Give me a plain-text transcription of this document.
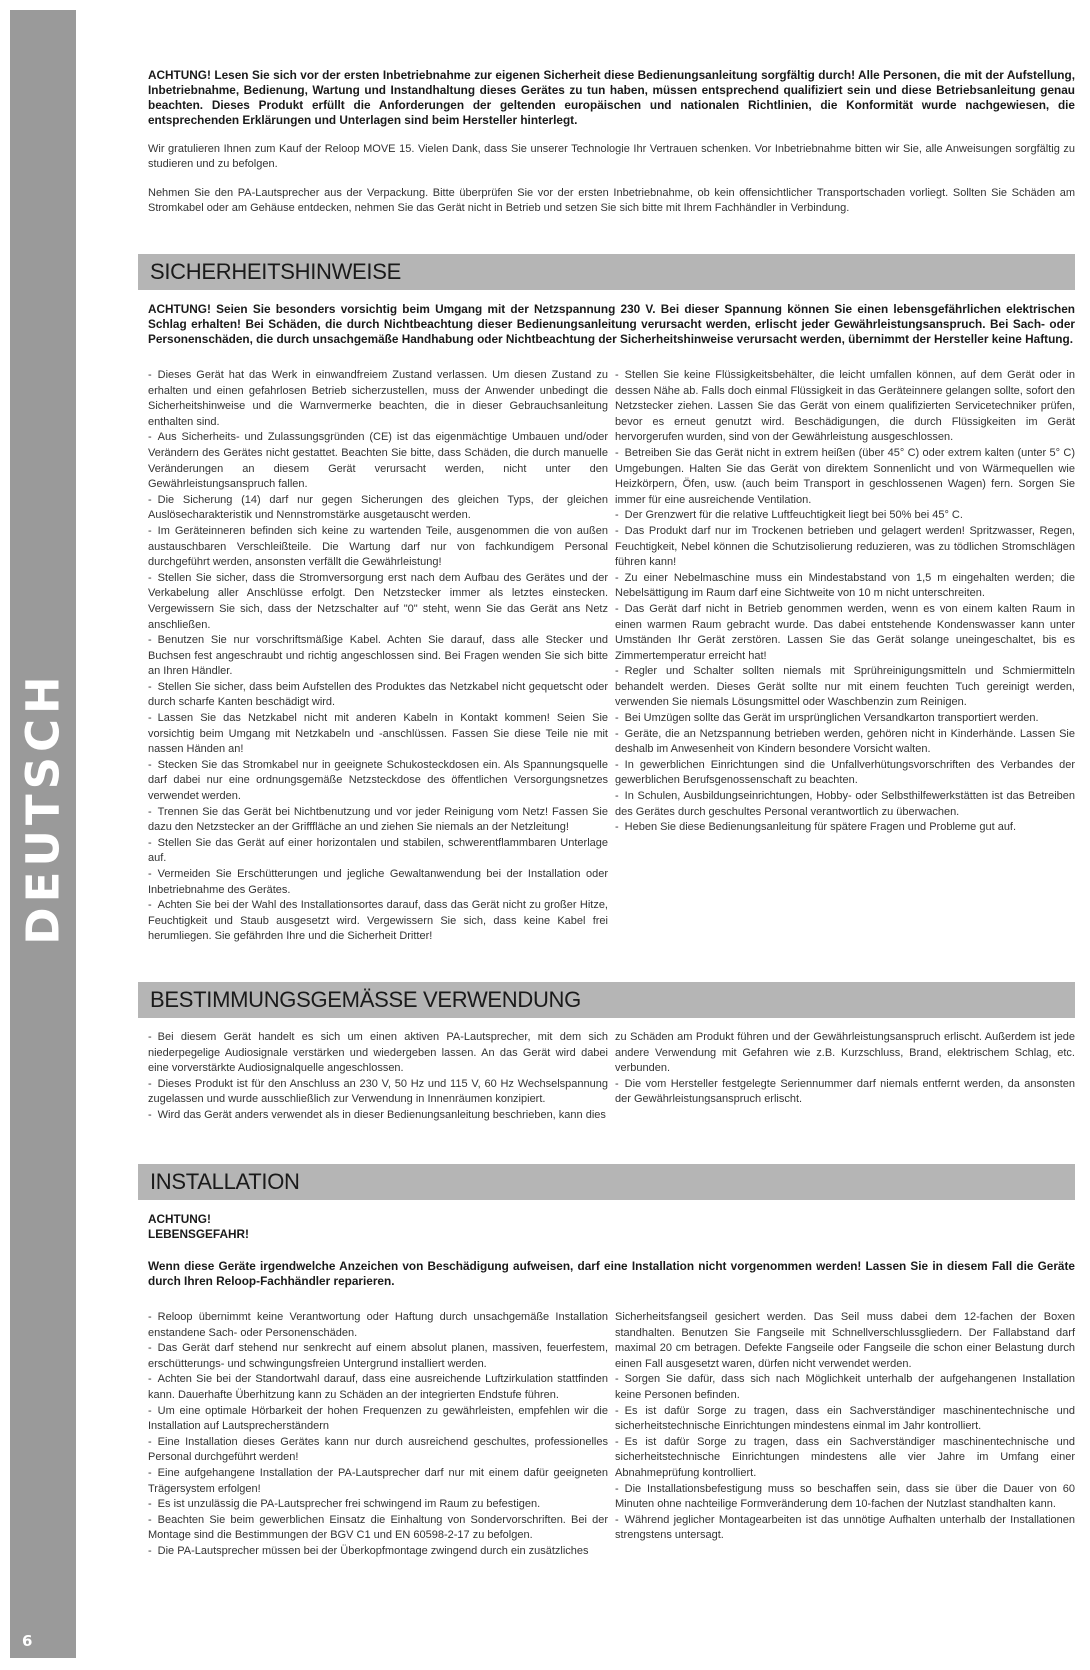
DEUTSCH
6

ACHTUNG! Lesen Sie sich vor der ersten Inbetriebnahme zur eigenen Sicherheit diese Bedienungsanleitung sorgfältig durch! Alle Personen, die mit der Aufstellung, Inbetriebnahme, Bedienung, Wartung und Instandhaltung dieses Gerätes zu tun haben, müssen entsprechend qualifiziert sein und diese Betriebsanleitung genau beachten. Dieses Produkt erfüllt die Anforderungen der geltenden europäischen und nationalen Richtlinien, die Konformität wurde nachgewiesen, die entsprechenden Erklärungen und Unterlagen sind beim Hersteller hinterlegt.

Wir gratulieren Ihnen zum Kauf der Reloop MOVE 15. Vielen Dank, dass Sie unserer Technologie Ihr Vertrauen schenken. Vor Inbetriebnahme bitten wir Sie, alle Anweisungen sorgfältig zu studieren und zu befolgen.

Nehmen Sie den PA-Lautsprecher aus der Verpackung. Bitte überprüfen Sie vor der ersten Inbetriebnahme, ob kein offensichtlicher Transportschaden vorliegt. Sollten Sie Schäden am Stromkabel oder am Gehäuse entdecken, nehmen Sie das Gerät nicht in Betrieb und setzen Sie sich bitte mit Ihrem Fachhändler in Verbindung.

SICHERHEITSHINWEISE

ACHTUNG! Seien Sie besonders vorsichtig beim Umgang mit der Netzspannung 230 V. Bei dieser Spannung können Sie einen lebensgefährlichen elektrischen Schlag erhalten! Bei Schäden, die durch Nichtbeachtung dieser Bedienungsanleitung verursacht werden, erlischt jeder Gewährleistungsanspruch. Bei Sach- oder Personenschäden, die durch unsachgemäße Handhabung oder Nichtbeachtung der Sicherheitshinweise verursacht werden, übernimmt der Hersteller keine Haftung.

- Dieses Gerät hat das Werk in einwandfreiem Zustand verlassen. Um diesen Zustand zu erhalten und einen gefahrlosen Betrieb sicherzustellen, muss der Anwender unbedingt die Sicherheitshinweise und die Warnvermerke beachten, die in dieser Gebrauchsanleitung enthalten sind.
- Aus Sicherheits- und Zulassungsgründen (CE) ist das eigenmächtige Umbauen und/oder Verändern des Gerätes nicht gestattet. Beachten Sie bitte, dass Schäden, die durch manuelle Veränderungen an diesem Gerät verursacht werden, nicht unter den Gewährleistungsanspruch fallen.
- Die Sicherung (14) darf nur gegen Sicherungen des gleichen Typs, der gleichen Auslösecharakteristik und Nennstromstärke ausgetauscht werden.
- Im Geräteinneren befinden sich keine zu wartenden Teile, ausgenommen die von außen austauschbaren Verschleißteile. Die Wartung darf nur von fachkundigem Personal durchgeführt werden, ansonsten verfällt die Gewährleistung!
- Stellen Sie sicher, dass die Stromversorgung erst nach dem Aufbau des Gerätes und der Verkabelung aller Anschlüsse erfolgt. Den Netzstecker immer als letztes einstecken. Vergewissern Sie sich, dass der Netzschalter auf "0" steht, wenn Sie das Gerät ans Netz anschließen.
- Benutzen Sie nur vorschriftsmäßige Kabel. Achten Sie darauf, dass alle Stecker und Buchsen fest angeschraubt und richtig angeschlossen sind. Bei Fragen wenden Sie sich bitte an Ihren Händler.
- Stellen Sie sicher, dass beim Aufstellen des Produktes das Netzkabel nicht gequetscht oder durch scharfe Kanten beschädigt wird.
- Lassen Sie das Netzkabel nicht mit anderen Kabeln in Kontakt kommen! Seien Sie vorsichtig beim Umgang mit Netzkabeln und -anschlüssen. Fassen Sie diese Teile nie mit nassen Händen an!
- Stecken Sie das Stromkabel nur in geeignete Schukosteckdosen ein. Als Spannungsquelle darf dabei nur eine ordnungsgemäße Netzsteckdose des öffentlichen Versorgungsnetzes verwendet werden.
- Trennen Sie das Gerät bei Nichtbenutzung und vor jeder Reinigung vom Netz! Fassen Sie dazu den Netzstecker an der Grifffläche an und ziehen Sie niemals an der Netzleitung!
- Stellen Sie das Gerät auf einer horizontalen und stabilen, schwerentflammbaren Unterlage auf.
- Vermeiden Sie Erschütterungen und jegliche Gewaltanwendung bei der Installation oder Inbetriebnahme des Gerätes.
- Achten Sie bei der Wahl des Installationsortes darauf, dass das Gerät nicht zu großer Hitze, Feuchtigkeit und Staub ausgesetzt wird. Vergewissern Sie sich, dass keine Kabel frei herumliegen. Sie gefährden Ihre und die Sicherheit Dritter!
- Stellen Sie keine Flüssigkeitsbehälter, die leicht umfallen können, auf dem Gerät oder in dessen Nähe ab. Falls doch einmal Flüssigkeit in das Geräteinnere gelangen sollte, sofort den Netzstecker ziehen. Lassen Sie das Gerät von einem qualifizierten Servicetechniker prüfen, bevor es erneut genutzt wird. Beschädigungen, die durch Flüssigkeiten im Gerät hervorgerufen wurden, sind von der Gewährleistung ausgeschlossen.
- Betreiben Sie das Gerät nicht in extrem heißen (über 45° C) oder extrem kalten (unter 5° C) Umgebungen. Halten Sie das Gerät von direktem Sonnenlicht und von Wärmequellen wie Heizkörpern, Öfen, usw. (auch beim Transport in geschlossenen Wagen) fern. Sorgen Sie immer für eine ausreichende Ventilation.
- Der Grenzwert für die relative Luftfeuchtigkeit liegt bei 50% bei 45° C.
- Das Produkt darf nur im Trockenen betrieben und gelagert werden! Spritzwasser, Regen, Feuchtigkeit, Nebel können die Schutzisolierung reduzieren, was zu tödlichen Stromschlägen führen kann!
- Zu einer Nebelmaschine muss ein Mindestabstand von 1,5 m eingehalten werden; die Nebelsättigung im Raum darf eine Sichtweite von 10 m nicht unterschreiten.
- Das Gerät darf nicht in Betrieb genommen werden, wenn es von einem kalten Raum in einen warmen Raum gebracht wurde. Das dabei entstehende Kondenswasser kann unter Umständen Ihr Gerät zerstören. Lassen Sie das Gerät solange uneingeschaltet, bis es Zimmertemperatur erreicht hat!
- Regler und Schalter sollten niemals mit Sprühreinigungsmitteln und Schmiermitteln behandelt werden. Dieses Gerät sollte nur mit einem feuchten Tuch gereinigt werden, verwenden Sie niemals Lösungsmittel oder Waschbenzin zum Reinigen.
- Bei Umzügen sollte das Gerät im ursprünglichen Versandkarton transportiert werden.
- Geräte, die an Netzspannung betrieben werden, gehören nicht in Kinderhände. Lassen Sie deshalb im Anwesenheit von Kindern besondere Vorsicht walten.
- In gewerblichen Einrichtungen sind die Unfallverhütungsvorschriften des Verbandes der gewerblichen Berufsgenossenschaft zu beachten.
- In Schulen, Ausbildungseinrichtungen, Hobby- oder Selbsthilfewerkstätten ist das Betreiben des Gerätes durch geschultes Personal verantwortlich zu überwachen.
- Heben Sie diese Bedienungsanleitung für spätere Fragen und Probleme gut auf.
BESTIMMUNGSGEMÄSSE VERWENDUNG
- Bei diesem Gerät handelt es sich um einen aktiven PA-Lautsprecher, mit dem sich niederpegelige Audiosignale verstärken und wiedergeben lassen. An das Gerät wird dabei eine vorverstärkte Audiosignalquelle angeschlossen.
- Dieses Produkt ist für den Anschluss an 230 V, 50 Hz und 115 V, 60 Hz Wechselspannung zugelassen und wurde ausschließlich zur Verwendung in Innenräumen konzipiert.
- Wird das Gerät anders verwendet als in dieser Bedienungsanleitung beschrieben, kann dies

zu Schäden am Produkt führen und der Gewährleistungsanspruch erlischt. Außerdem ist jede andere Verwendung mit Gefahren wie z.B. Kurzschluss, Brand, elektrischem Schlag, etc. verbunden.

- Die vom Hersteller festgelegte Seriennummer darf niemals entfernt werden, da ansonsten der Gewährleistungsanspruch erlischt.
INSTALLATION

ACHTUNG!

LEBENSGEFAHR!

Wenn diese Geräte irgendwelche Anzeichen von Beschädigung aufweisen, darf eine Installation nicht vorgenommen werden! Lassen Sie in diesem Fall die Geräte durch Ihren Reloop-Fachhändler reparieren.

- Reloop übernimmt keine Verantwortung oder Haftung durch unsachgemäße Installation enstandene Sach- oder Personenschäden.
- Das Gerät darf stehend nur senkrecht auf einem absolut planen, massiven, feuerfestem, erschütterungs- und schwingungsfreien Untergrund installiert werden.
- Achten Sie bei der Standortwahl darauf, dass eine ausreichende Luftzirkulation stattfinden kann. Dauerhafte Überhitzung kann zu Schäden an der integrierten Endstufe führen.
- Um eine optimale Hörbarkeit der hohen Frequenzen zu gewährleisten, empfehlen wir die Installation auf Lautsprecherständern
- Eine Installation dieses Gerätes kann nur durch ausreichend geschultes, professionelles Personal durchgeführt werden!
- Eine aufgehangene Installation der PA-Lautsprecher darf nur mit einem dafür geeigneten Trägersystem erfolgen!
- Es ist unzulässig die PA-Lautsprecher frei schwingend im Raum zu befestigen.
- Beachten Sie beim gewerblichen Einsatz die Einhaltung von Sondervorschriften. Bei der Montage sind die Bestimmungen der BGV C1 und EN 60598-2-17 zu befolgen.
- Die PA-Lautsprecher müssen bei der Überkopfmontage zwingend durch ein zusätzliches

Sicherheitsfangseil gesichert werden. Das Seil muss dabei dem 12-fachen der Boxen standhalten. Benutzen Sie Fangseile mit Schnellverschlussgliedern. Der Fallabstand darf maximal 20 cm betragen. Defekte Fangseile oder Fangseile die schon einer Belastung durch einen Fall ausgesetzt waren, dürfen nicht verwendet werden.

- Sorgen Sie dafür, dass sich nach Möglichkeit unterhalb der aufgehangenen Installation keine Personen befinden.
- Es ist dafür Sorge zu tragen, dass ein Sachverständiger maschinentechnische und sicherheitstechnische Einrichtungen mindestens einmal im Jahr kontrolliert.
- Es ist dafür Sorge zu tragen, dass ein Sachverständiger maschinentechnische und sicherheitstechnische Einrichtungen mindestens alle vier Jahre im Umfang einer Abnahmeprüfung kontrolliert.
- Die Installationsbefestigung muss so beschaffen sein, dass sie über die Dauer von 60 Minuten ohne nachteilige Formveränderung dem 10-fachen der Nutzlast standhalten kann.
- Während jeglicher Montagearbeiten ist das unnötige Aufhalten unterhalb der Installationen strengstens untersagt.
